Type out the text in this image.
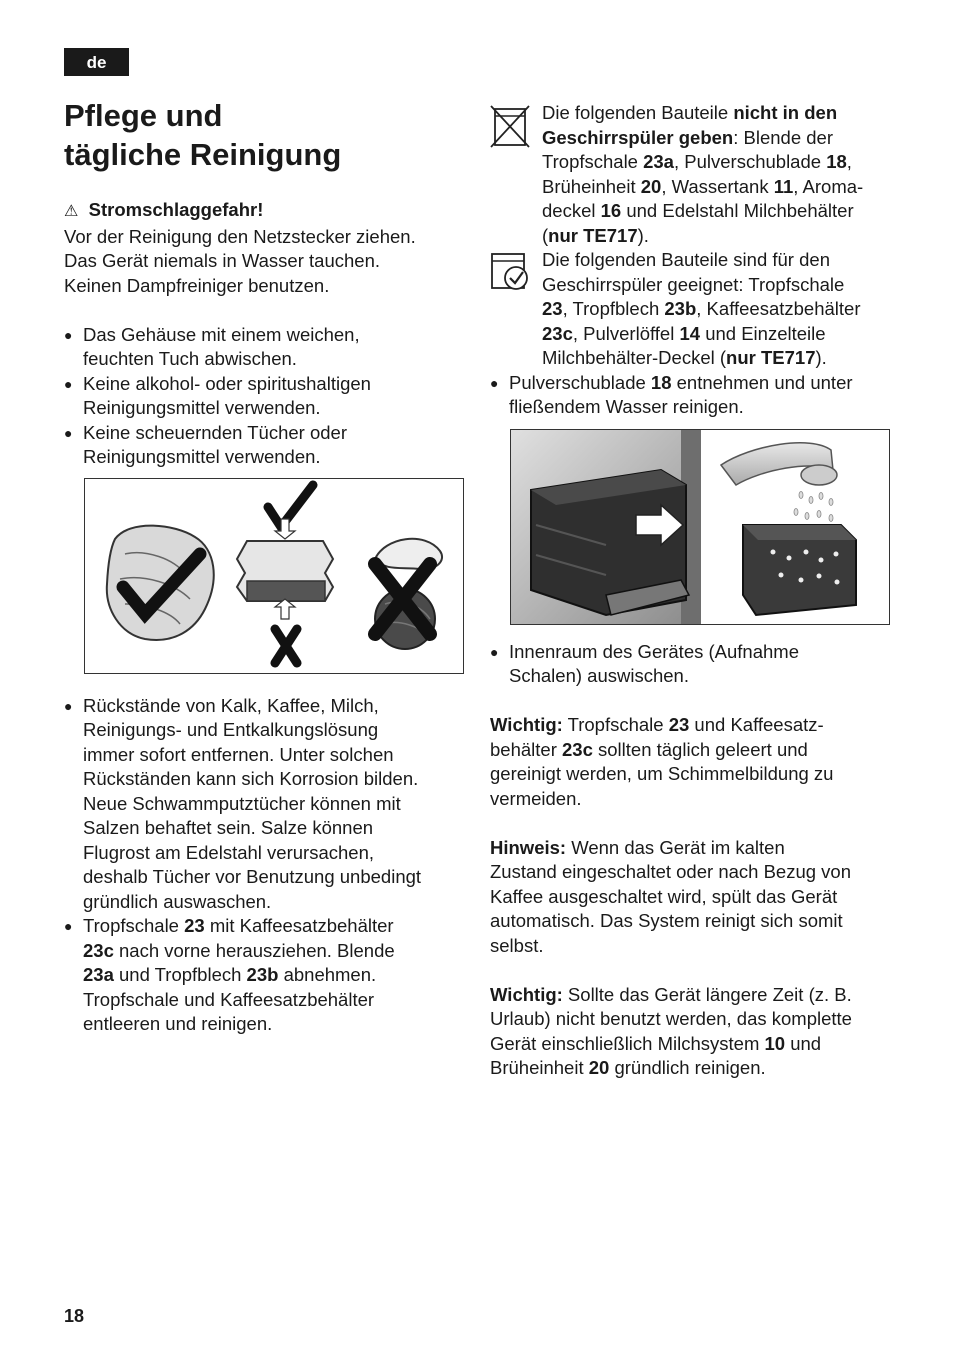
de
Pflege und
tägliche Reinigung

⚠ Stromschlaggefahr!

Vor der Reinigung den Netzstecker ziehen.

Das Gerät niemals in Wasser tauchen.

Keinen Dampfreiniger benutzen.

● Das Gehäuse mit einem weichen,

feuchten Tuch abwischen.

● Keine alkohol- oder spiritushaltigen

Reinigungsmittel verwenden.

● Keine scheuernden Tücher oder

Reinigungsmittel verwenden.

● Rückstände von Kalk, Kaffee, Milch,

Reinigungs- und Entkalkungslösung

immer sofort entfernen. Unter solchen

Rückständen kann sich Korrosion bilden.

Neue Schwammputztücher können mit

Salzen behaftet sein. Salze können

Flugrost am Edelstahl verursachen,

deshalb Tücher vor Benutzung unbedingt

gründlich auswaschen.

● Tropfschale 23 mit Kaffeesatzbehälter

23c nach vorne herausziehen. Blende

23a und Tropfblech 23b abnehmen.

Tropfschale und Kaffeesatzbehälter

entleeren und reinigen.

Die folgenden Bauteile nicht in den

Geschirrspüler geben: Blende der

Tropfschale 23a, Pulverschublade 18,

Brüheinheit 20, Wassertank 11, Aroma-

deckel 16 und Edelstahl Milchbehälter

(nur TE717).

Die folgenden Bauteile sind für den

Geschirrspüler geeignet: Tropfschale

23, Tropfblech 23b, Kaffeesatzbehälter

23c, Pulverlöffel 14 und Einzelteile

Milchbehälter-Deckel (nur TE717).

● Pulverschublade 18 entnehmen und unter

fließendem Wasser reinigen.

● Innenraum des Gerätes (Aufnahme

Schalen) auswischen.

Wichtig: Tropfschale 23 und Kaffeesatz-

behälter 23c sollten täglich geleert und

gereinigt werden, um Schimmelbildung zu

vermeiden.

Hinweis: Wenn das Gerät im kalten

Zustand eingeschaltet oder nach Bezug von

Kaffee ausgeschaltet wird, spült das Gerät

automatisch. Das System reinigt sich somit

selbst.

Wichtig: Sollte das Gerät längere Zeit (z. B.

Urlaub) nicht benutzt werden, das komplette

Gerät einschließlich Milchsystem 10 und

Brüheinheit 20 gründlich reinigen.

18
